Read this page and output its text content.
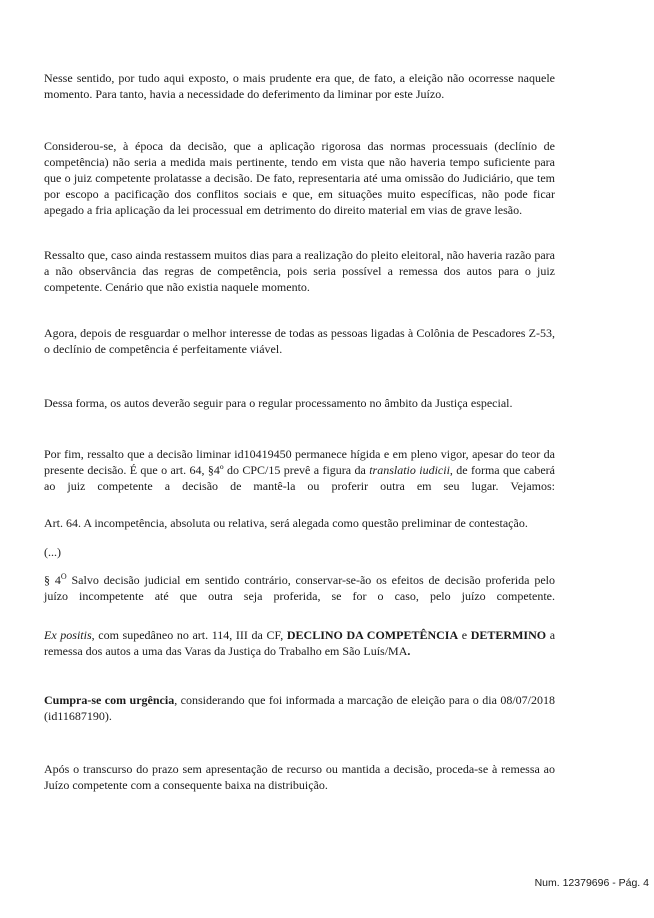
Nesse sentido, por tudo aqui exposto, o mais prudente era que, de fato, a eleição não ocorresse naquele momento. Para tanto, havia a necessidade do deferimento da liminar por este Juízo.

Considerou-se, à época da decisão, que a aplicação rigorosa das normas processuais (declínio de competência) não seria a medida mais pertinente, tendo em vista que não haveria tempo suficiente para que o juiz competente prolatasse a decisão. De fato, representaria até uma omissão do Judiciário, que tem por escopo a pacificação dos conflitos sociais e que, em situações muito específicas, não pode ficar apegado a fria aplicação da lei processual em detrimento do direito material em vias de grave lesão.

Ressalto que, caso ainda restassem muitos dias para a realização do pleito eleitoral, não haveria razão para a não observância das regras de competência, pois seria possível a remessa dos autos para o juiz competente. Cenário que não existia naquele momento.

Agora, depois de resguardar o melhor interesse de todas as pessoas ligadas à Colônia de Pescadores Z-53, o declínio de competência é perfeitamente viável.

Dessa forma, os autos deverão seguir para o regular processamento no âmbito da Justiça especial.

Por fim, ressalto que a decisão liminar id10419450 permanece hígida e em pleno vigor, apesar do teor da presente decisão. É que o art. 64, §4º do CPC/15 prevê a figura da translatio iudicii, de forma que caberá ao juiz competente a decisão de mantê-la ou proferir outra em seu lugar. Vejamos:

Art. 64. A incompetência, absoluta ou relativa, será alegada como questão preliminar de contestação.

(...)

§ $4^O$ Salvo decisão judicial em sentido contrário, conservar-se-ão os efeitos de decisão proferida pelo juízo incompetente até que outra seja proferida, se for o caso, pelo juízo competente.

Ex positis, com supedâneo no art. 114, III da CF, DECLINO DA COMPETÊNCIA e DETERMINO a remessa dos autos a uma das Varas da Justiça do Trabalho em São Luís/MA.

Cumpra-se com urgência, considerando que foi informada a marcação de eleição para o dia 08/07/2018 (id11687190).

Após o transcurso do prazo sem apresentação de recurso ou mantida a decisão, proceda-se à remessa ao Juízo competente com a consequente baixa na distribuição.

Num. 12379696 - Pág. 4
